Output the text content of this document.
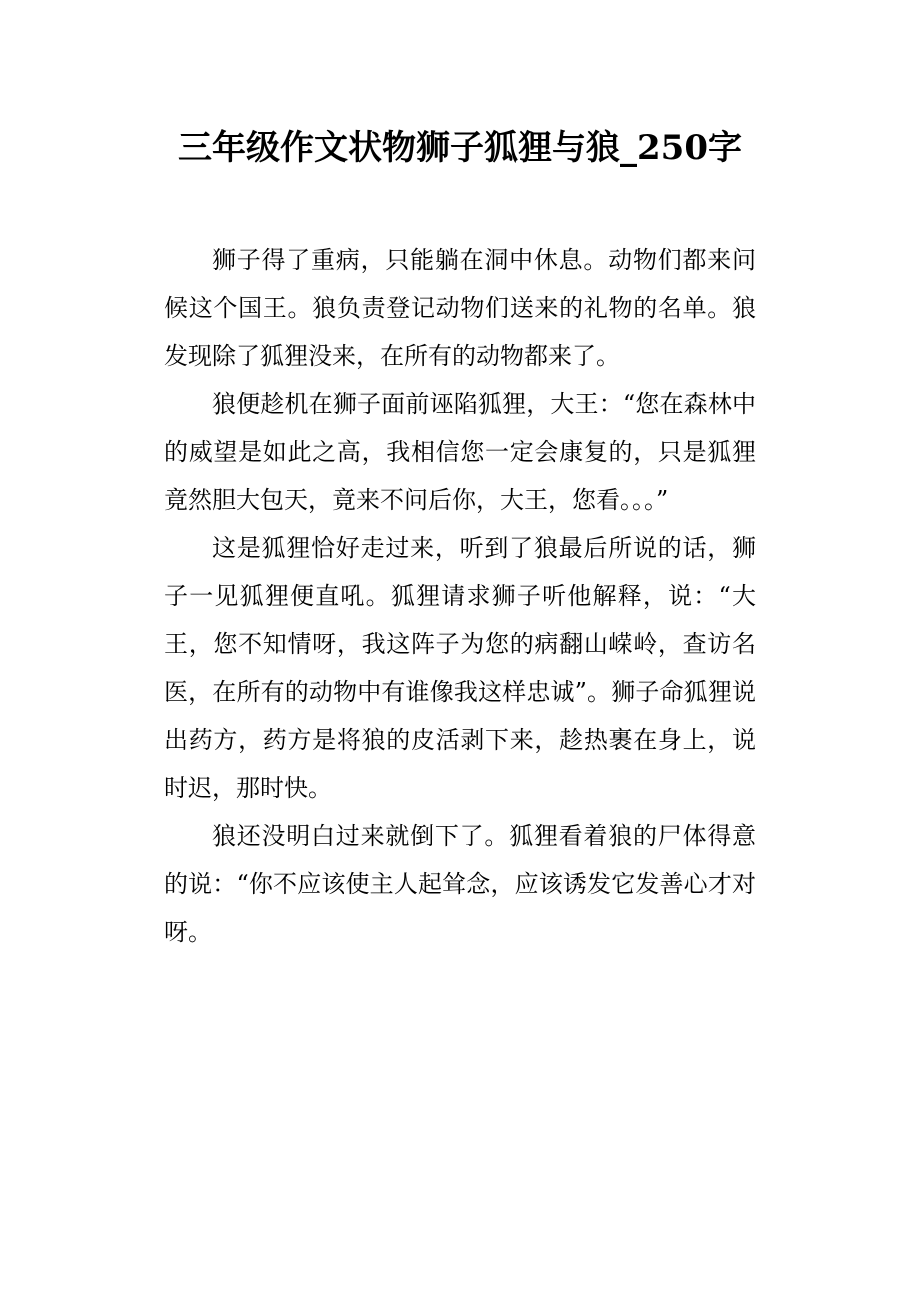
三年级作文状物狮子狐狸与狼_250字

狮子得了重病，只能躺在洞中休息。动物们都来问候这个国王。狼负责登记动物们送来的礼物的名单。狼发现除了狐狸没来，在所有的动物都来了。

狼便趁机在狮子面前诬陷狐狸，大王：“您在森林中的威望是如此之高，我相信您一定会康复的，只是狐狸竟然胆大包天，竟来不问后你，大王，您看。。。”

这是狐狸恰好走过来，听到了狼最后所说的话，狮子一见狐狸便直吼。狐狸请求狮子听他解释，说：“大王，您不知情呀，我这阵子为您的病翻山嵘岭，查访名医，在所有的动物中有谁像我这样忠诚”。狮子命狐狸说出药方，药方是将狼的皮活剥下来，趁热裹在身上，说时迟，那时快。

狼还没明白过来就倒下了。狐狸看着狼的尸体得意的说：“你不应该使主人起耸念，应该诱发它发善心才对呀。
